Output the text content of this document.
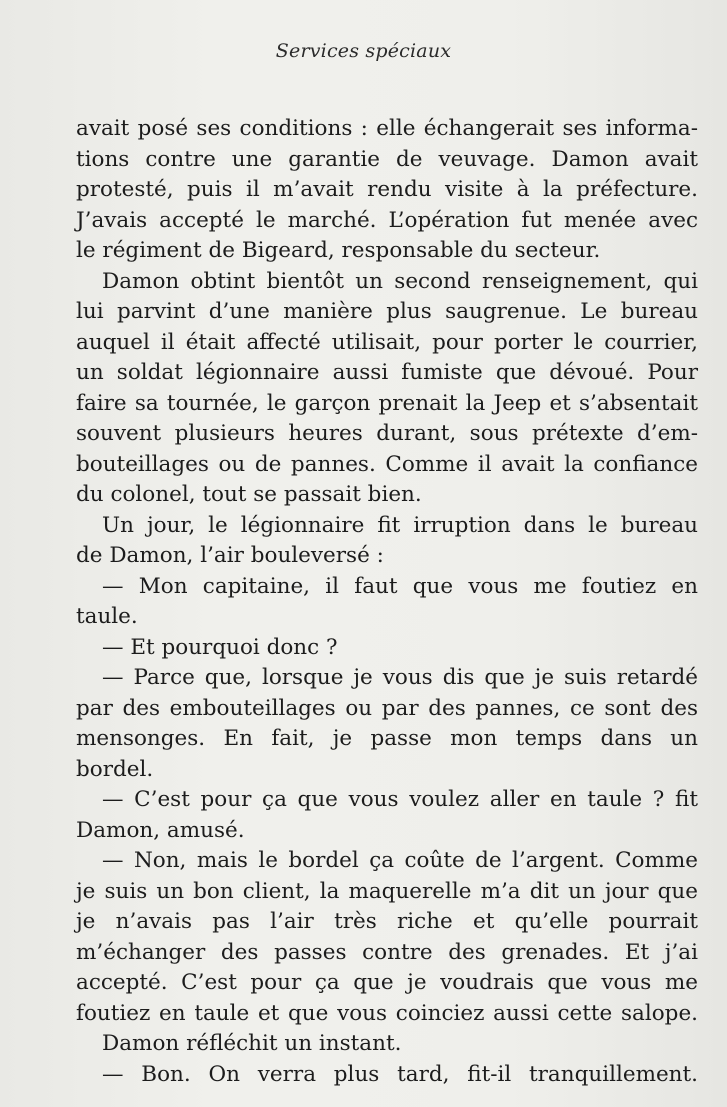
Services spéciaux
avait posé ses conditions : elle échangerait ses informa-
tions contre une garantie de veuvage. Damon avait
protesté, puis il m’avait rendu visite à la préfecture.
J’avais accepté le marché. L’opération fut menée avec
le régiment de Bigeard, responsable du secteur.
Damon obtint bientôt un second renseignement, qui
lui parvint d’une manière plus saugrenue. Le bureau
auquel il était affecté utilisait, pour porter le courrier,
un soldat légionnaire aussi fumiste que dévoué. Pour
faire sa tournée, le garçon prenait la Jeep et s’absentait
souvent plusieurs heures durant, sous prétexte d’em-
bouteillages ou de pannes. Comme il avait la confiance
du colonel, tout se passait bien.
Un jour, le légionnaire fit irruption dans le bureau
de Damon, l’air bouleversé :
— Mon capitaine, il faut que vous me foutiez en
taule.
— Et pourquoi donc ?
— Parce que, lorsque je vous dis que je suis retardé
par des embouteillages ou par des pannes, ce sont des
mensonges. En fait, je passe mon temps dans un
bordel.
— C’est pour ça que vous voulez aller en taule ? fit
Damon, amusé.
— Non, mais le bordel ça coûte de l’argent. Comme
je suis un bon client, la maquerelle m’a dit un jour que
je n’avais pas l’air très riche et qu’elle pourrait
m’échanger des passes contre des grenades. Et j’ai
accepté. C’est pour ça que je voudrais que vous me
foutiez en taule et que vous coinciez aussi cette salope.
Damon réfléchit un instant.
— Bon. On verra plus tard, fit-il tranquillement.
